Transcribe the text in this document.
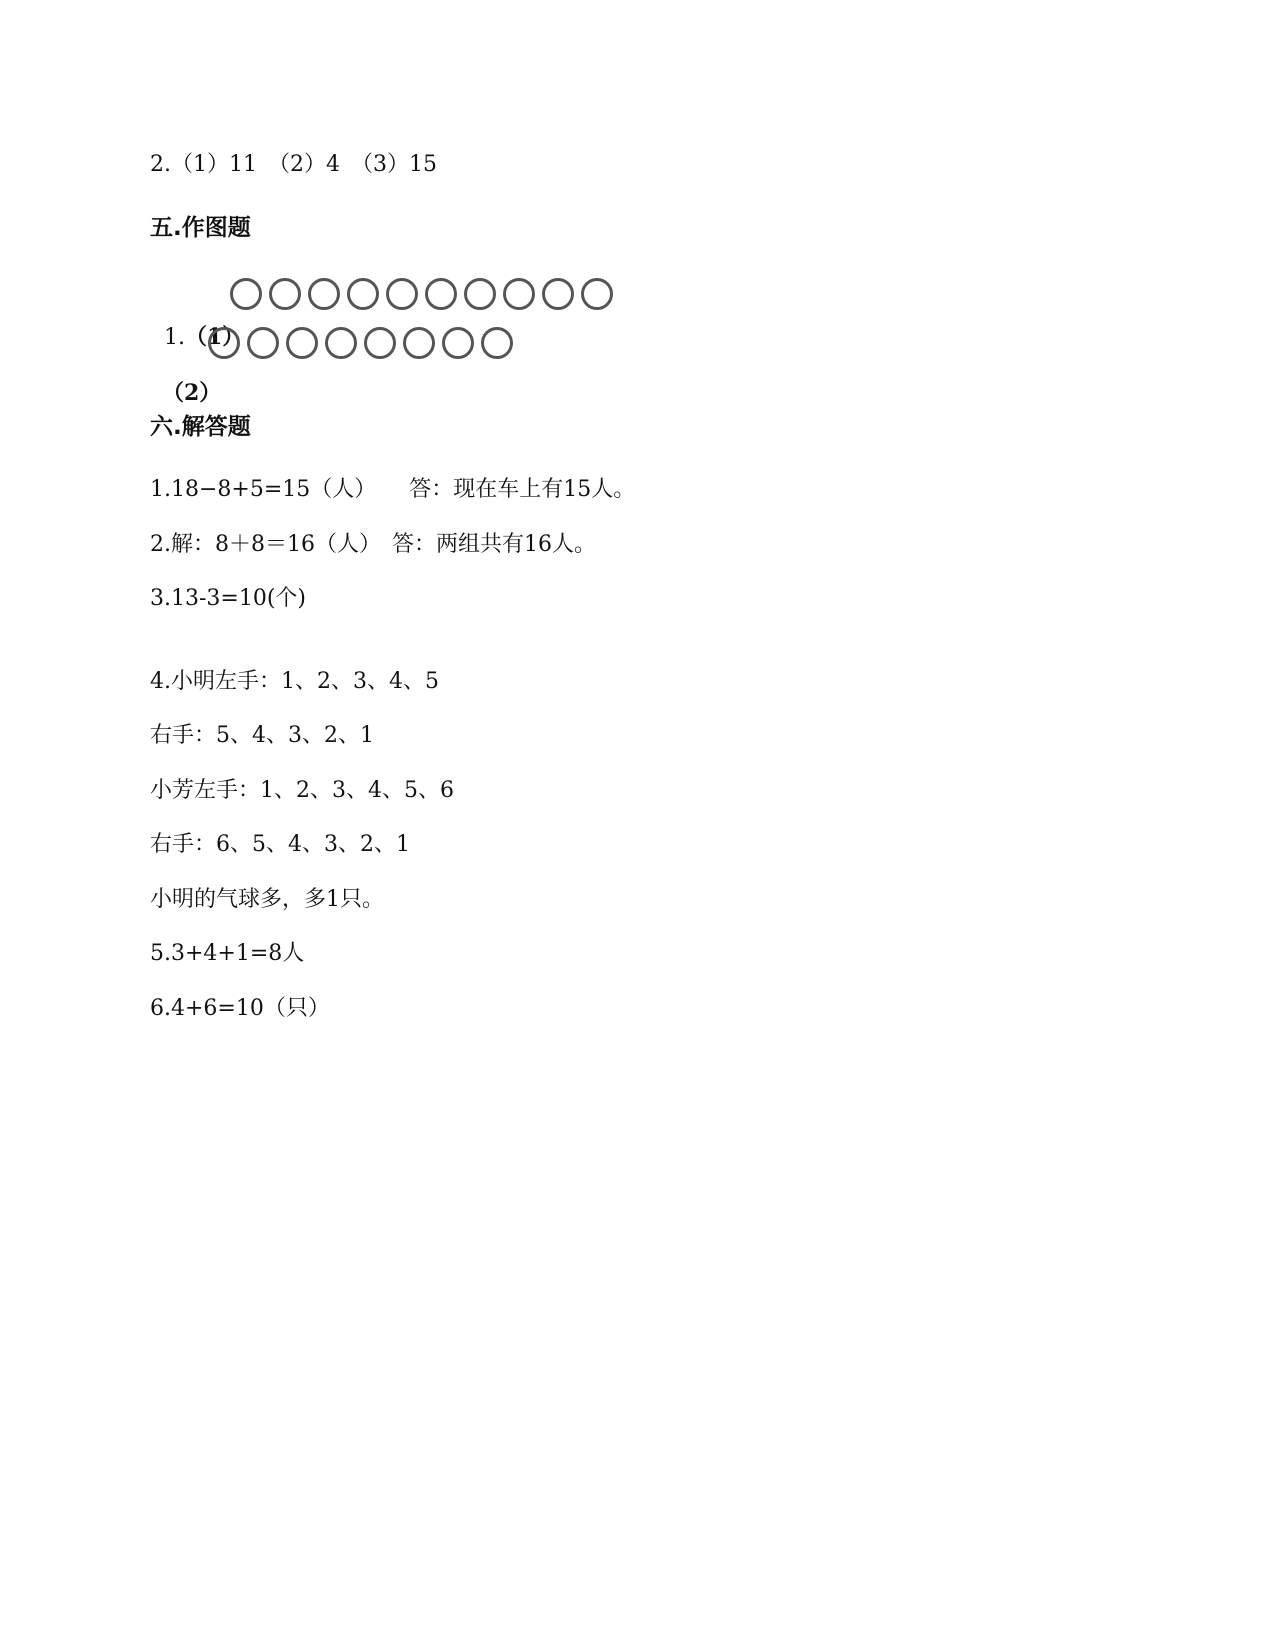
2.（1）11　（2）4　（3）15
五.作图题

1.（1）

（2）

六.解答题
1.18−8+5=15（人）　　答：现在车上有15人。
2.解：8＋8＝16（人）　答：两组共有16人。
3.13-3=10(个)
4.小明左手：1、2、3、4、5
右手：5、4、3、2、1
小芳左手：1、2、3、4、5、6
右手：6、5、4、3、2、1
小明的气球多，多1只。
5.3+4+1=8人
6.4+6=10（只）
